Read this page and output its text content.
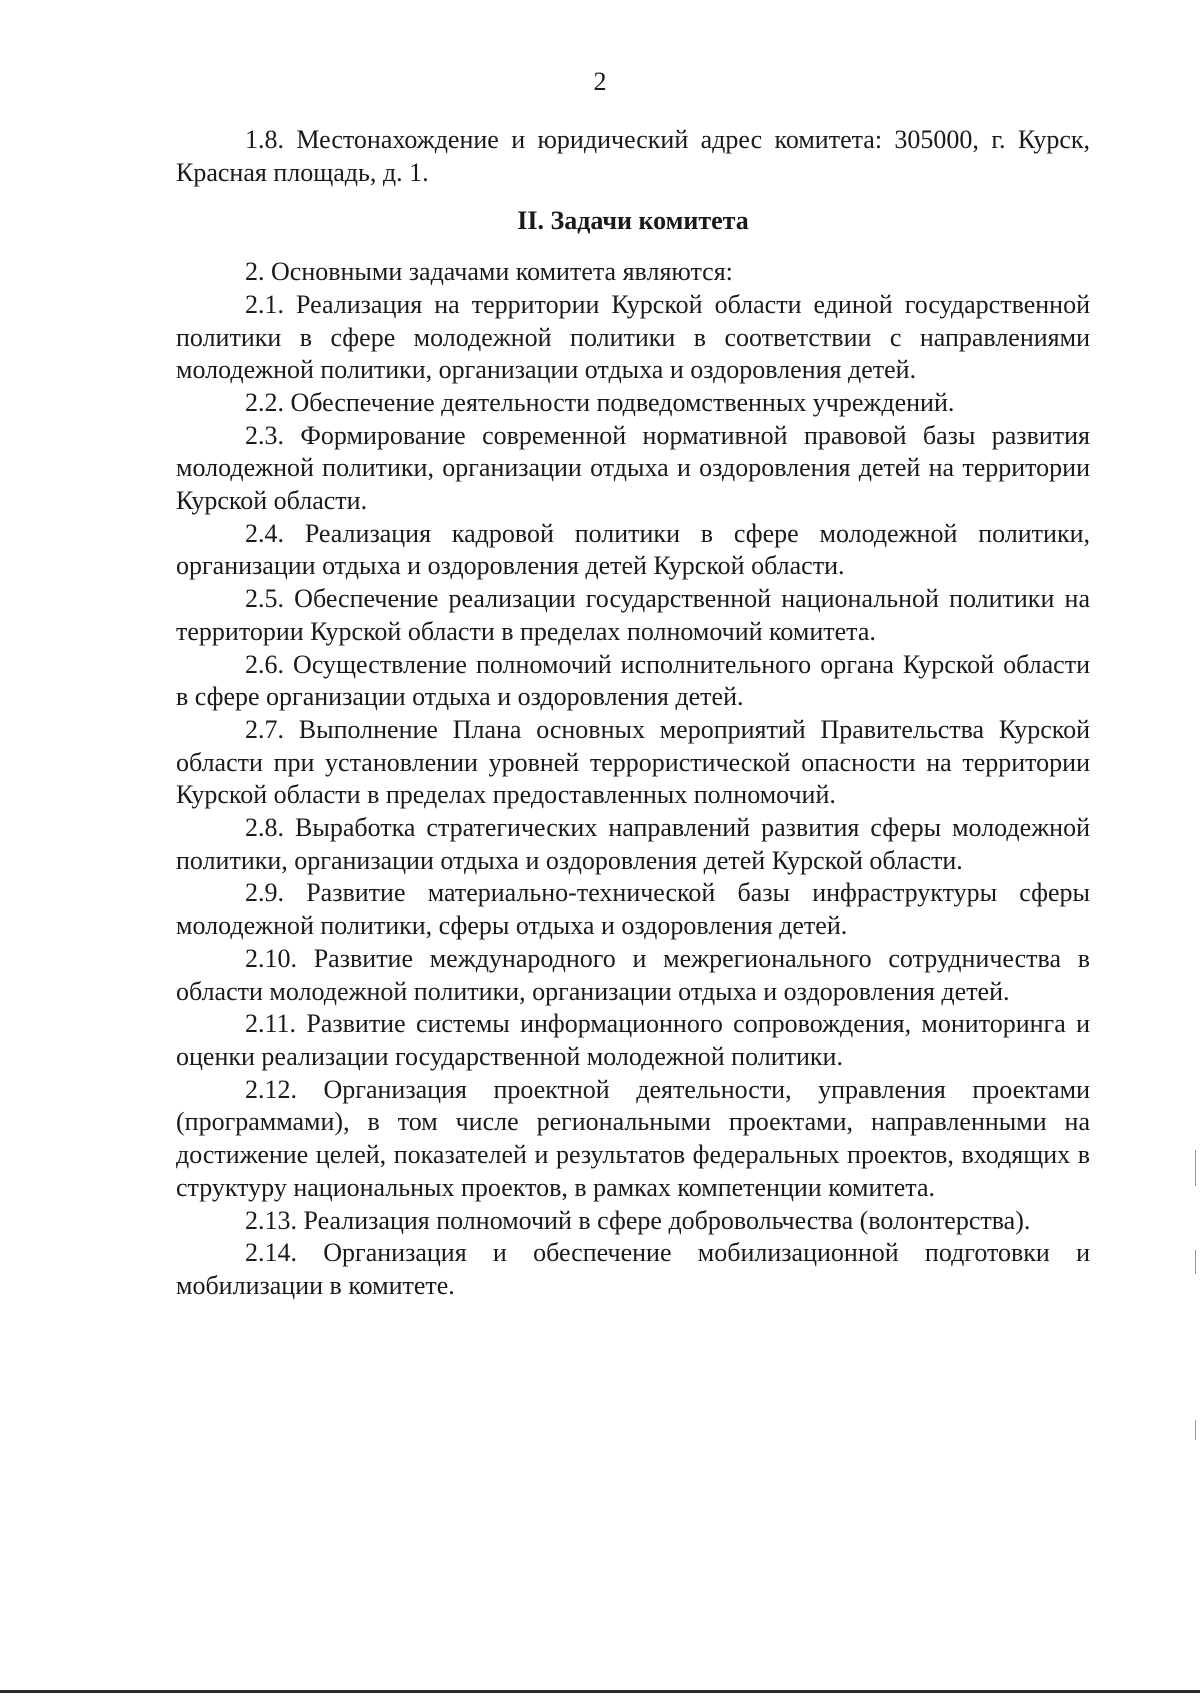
2

1.8. Местонахождение и юридический адрес комитета: 305000, г. Курск, Красная площадь, д. 1.

II. Задачи комитета

2. Основными задачами комитета являются:

2.1. Реализация на территории Курской области единой государственной политики в сфере молодежной политики в соответствии с направлениями молодежной политики, организации отдыха и оздоровления детей.

2.2. Обеспечение деятельности подведомственных учреждений.

2.3. Формирование современной нормативной правовой базы развития молодежной политики, организации отдыха и оздоровления детей на территории Курской области.

2.4. Реализация кадровой политики в сфере молодежной политики, организации отдыха и оздоровления детей Курской области.

2.5. Обеспечение реализации государственной национальной политики на территории Курской области в пределах полномочий комитета.

2.6. Осуществление полномочий исполнительного органа Курской области в сфере организации отдыха и оздоровления детей.

2.7. Выполнение Плана основных мероприятий Правительства Курской области при установлении уровней террористической опасности на территории Курской области в пределах предоставленных полномочий.

2.8. Выработка стратегических направлений развития сферы молодежной политики, организации отдыха и оздоровления детей Курской области.

2.9. Развитие материально-технической базы инфраструктуры сферы молодежной политики, сферы отдыха и оздоровления детей.

2.10. Развитие международного и межрегионального сотрудничества в области молодежной политики, организации отдыха и оздоровления детей.

2.11. Развитие системы информационного сопровождения, мониторинга и оценки реализации государственной молодежной политики.

2.12. Организация проектной деятельности, управления проектами (программами), в том числе региональными проектами, направленными на достижение целей, показателей и результатов федеральных проектов, входящих в структуру национальных проектов, в рамках компетенции комитета.

2.13. Реализация полномочий в сфере добровольчества (волонтерства).

2.14. Организация и обеспечение мобилизационной подготовки и мобилизации в комитете.
